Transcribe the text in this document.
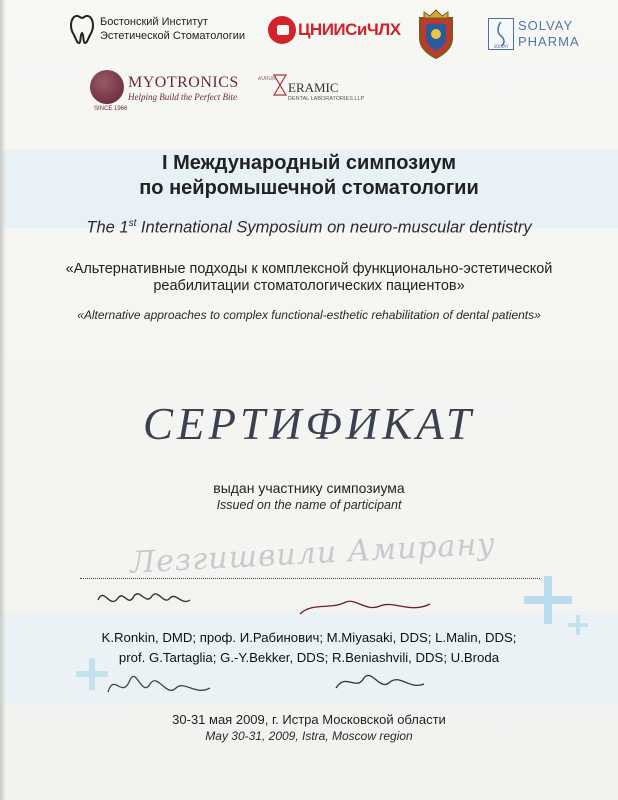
Бостонский Институт
Эстетической Стоматологии	ЦНИИСиЧЛХ
SOLVAY
SOLVAY
PHARMA
MYOTRONICS
Helping Build the Perfect Bite
SINCE 1966
AURUM
ERAMIC
DENTAL LABORATORIES LLP
I Международный симпозиум
по нейромышечной стоматологии
The 1st International Symposium on neuro-muscular dentistry
«Альтернативные подходы к комплексной функционально-эстетической
реабилитации стоматологических пациентов»
«Alternative approaches to complex functional-esthetic rehabilitation of dental patients»
СЕРТИФИКАТ
выдан участнику симпозиума
Issued on the name of participant
Лезгишвили Амирану
K.Ronkin, DMD; проф. И.Рабинович; M.Miyasaki, DDS; L.Malin, DDS;
prof. G.Tartaglia; G.-Y.Bekker, DDS; R.Beniashvili, DDS; U.Broda
30-31 мая 2009, г. Истра Московской области
May 30-31, 2009, Istra, Moscow region
